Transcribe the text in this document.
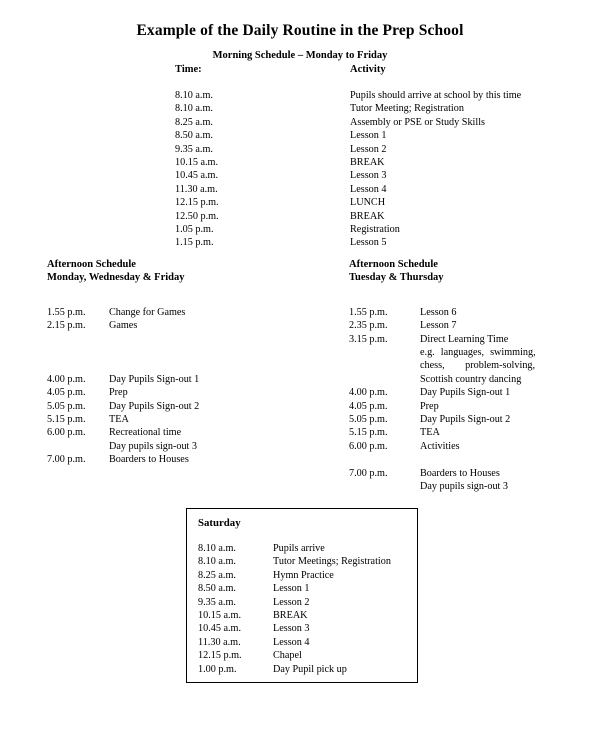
Example of the Daily Routine in the Prep School
Morning Schedule – Monday to Friday
Time:	Activity
8.10 a.m.	Pupils should arrive at school by this time
8.10 a.m.	Tutor Meeting; Registration
8.25 a.m.	Assembly or PSE or Study Skills
8.50 a.m.	Lesson 1
9.35 a.m.	Lesson 2
10.15 a.m.	BREAK
10.45 a.m.	Lesson 3
11.30 a.m.	Lesson 4
12.15 p.m.	LUNCH
12.50 p.m.	BREAK
1.05 p.m.	Registration
1.15 p.m.	Lesson 5
Afternoon Schedule
Monday, Wednesday & Friday
1.55 p.m.	Change for Games
2.15 p.m.	Games
4.00 p.m.	Day Pupils Sign-out 1
4.05 p.m.	Prep
5.05 p.m.	Day Pupils Sign-out 2
5.15 p.m.	TEA
6.00 p.m.	Recreational time
Day pupils sign-out 3
7.00 p.m.	Boarders to Houses
Afternoon Schedule
Tuesday & Thursday
1.55 p.m.	Lesson 6
2.35 p.m.	Lesson 7
3.15 p.m.	Direct Learning Time
e.g. languages, swimming,
chess, problem-solving,
Scottish country dancing
4.00 p.m.	Day Pupils Sign-out 1
4.05 p.m.	Prep
5.05 p.m.	Day Pupils Sign-out 2
5.15 p.m.	TEA
6.00 p.m.	Activities
7.00 p.m.	Boarders to Houses
Day pupils sign-out 3
Saturday
8.10 a.m.	Pupils arrive
8.10 a.m.	Tutor Meetings; Registration
8.25 a.m.	Hymn Practice
8.50 a.m.	Lesson 1
9.35 a.m.	Lesson 2
10.15 a.m.	BREAK
10.45 a.m.	Lesson 3
11.30 a.m.	Lesson 4
12.15 p.m.	Chapel
1.00 p.m.	Day Pupil pick up
